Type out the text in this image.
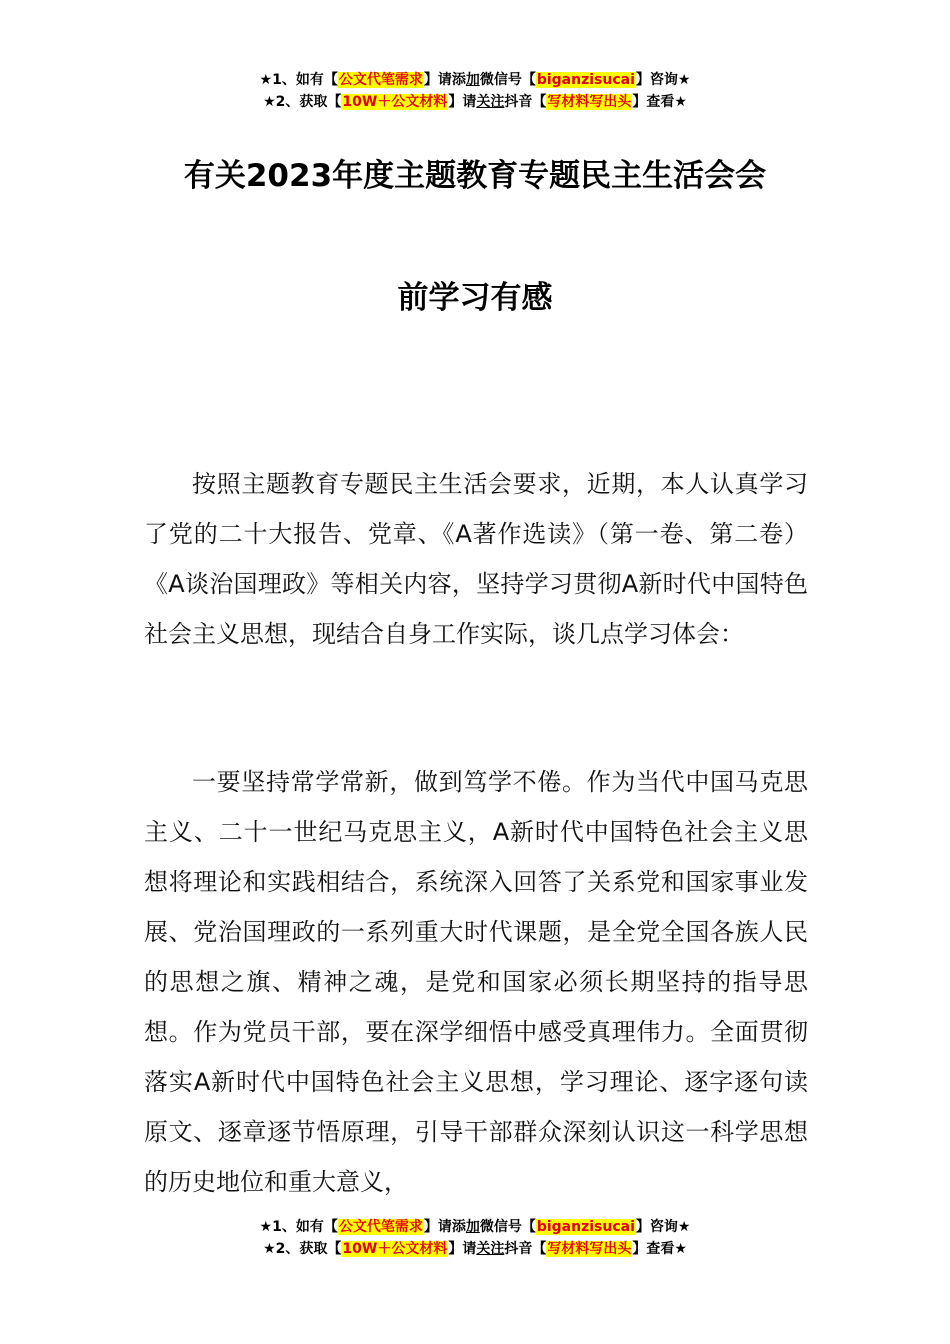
★1、如有【公文代笔需求】请添加微信号【biganzisucai】咨询★
★2、获取【10W＋公文材料】请关注抖音【写材料写出头】查看★
有关2023年度主题教育专题民主生活会会
前学习有感

按照主题教育专题民主生活会要求，近期，本人认真学习了党的二十大报告、党章、《A著作选读》（第一卷、第二卷）《A谈治国理政》等相关内容，坚持学习贯彻A新时代中国特色社会主义思想，现结合自身工作实际，谈几点学习体会：

一要坚持常学常新，做到笃学不倦。作为当代中国马克思主义、二十一世纪马克思主义，A新时代中国特色社会主义思想将理论和实践相结合，系统深入回答了关系党和国家事业发展、党治国理政的一系列重大时代课题，是全党全国各族人民的思想之旗、精神之魂，是党和国家必须长期坚持的指导思想。作为党员干部，要在深学细悟中感受真理伟力。全面贯彻落实A新时代中国特色社会主义思想，学习理论、逐字逐句读原文、逐章逐节悟原理，引导干部群众深刻认识这一科学思想的历史地位和重大意义，

★1、如有【公文代笔需求】请添加微信号【biganzisucai】咨询★
★2、获取【10W＋公文材料】请关注抖音【写材料写出头】查看★
